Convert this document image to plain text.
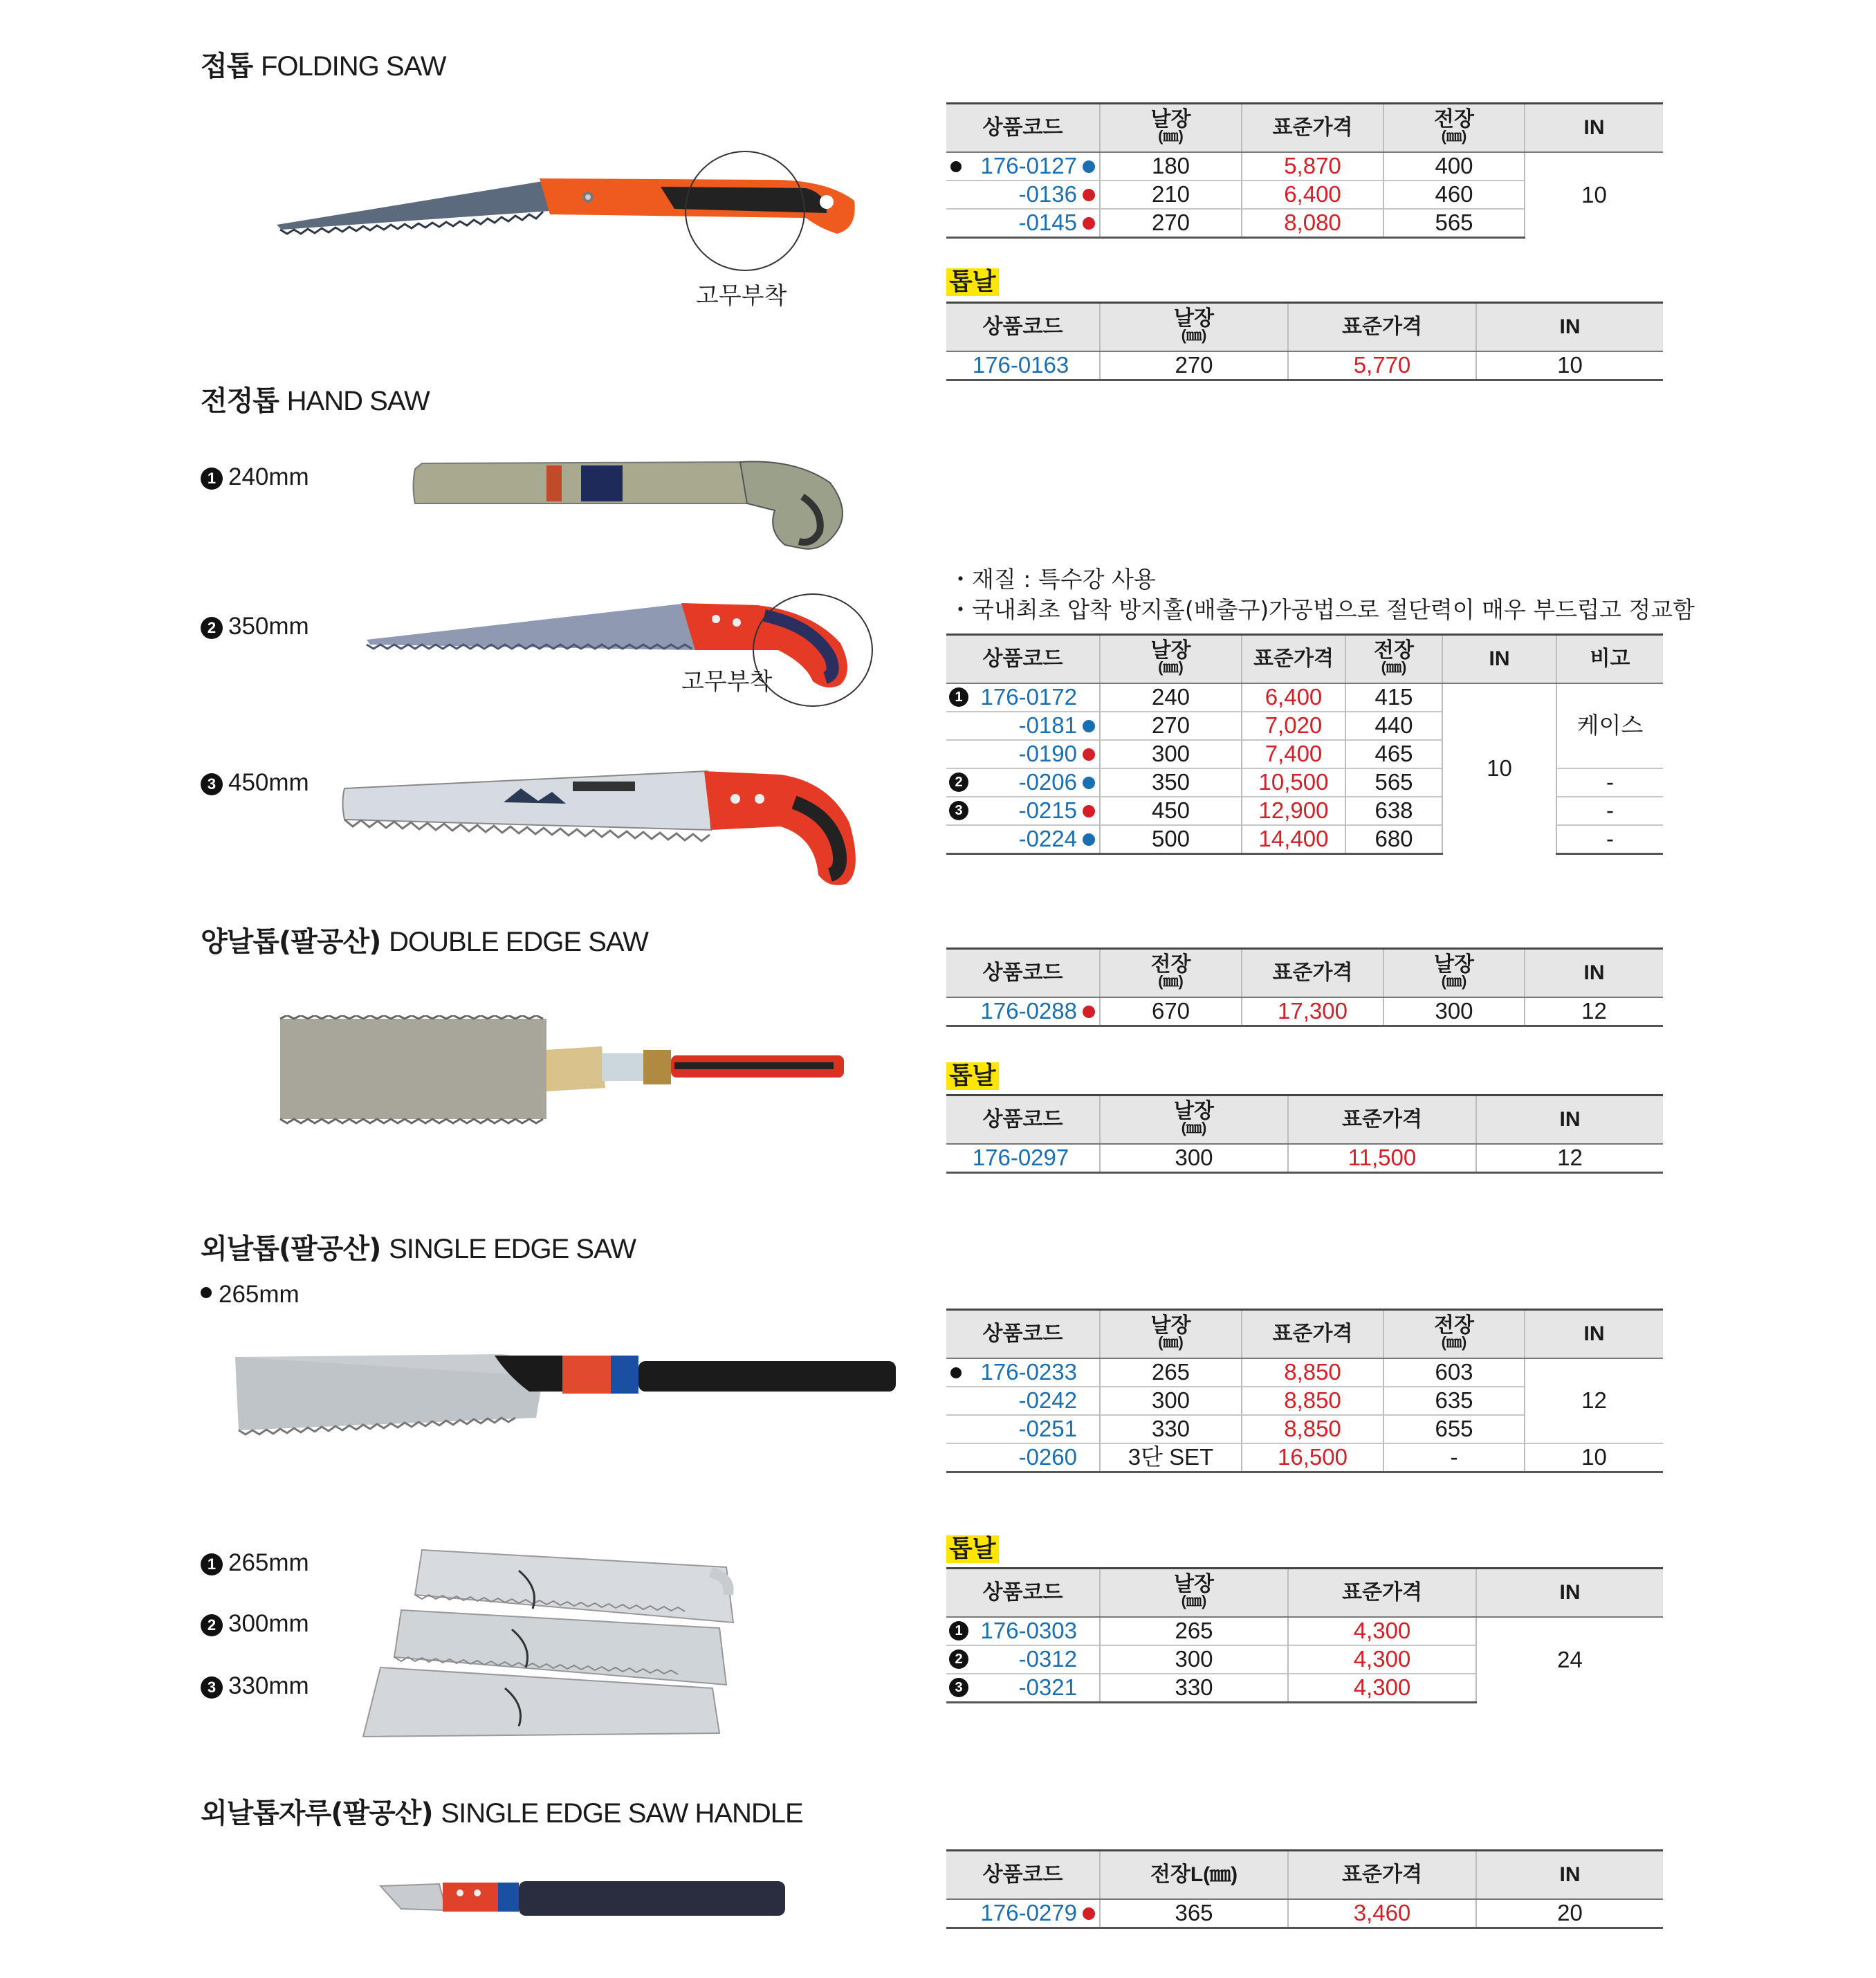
접톱 FOLDING SAW
고무부착
상품코드	날장
(㎜)	표준가격	전장
(㎜)	IN

176-0127	180	5,870	400	10
-0136	210	6,400	460	
-0145	270	8,080	565	
톱날
상품코드	날장
(㎜)	표준가격	IN
176-0163	270	5,770	10
전정톱 HAND SAW
1 240mm
2 350mm
3 450mm
고무부착
・재질 : 특수강 사용
・국내최초 압착 방지홀(배출구)가공법으로 절단력이 매우 부드럽고 정교함
상품코드	날장
(㎜)	표준가격	전장
(㎜)	IN	비고

1 176-0172	240	6,400	415	10	케이스
-0181	270	7,020	440		
-0190	300	7,400	465		

2 -0206	350	10,500	565		-

3 -0215	450	12,900	638		-
-0224	500	14,400	680		-
양날톱(팔공산) DOUBLE EDGE SAW
상품코드	전장
(㎜)	표준가격	날장
(㎜)	IN
176-0288	670	17,300	300	12
톱날
상품코드	날장
(㎜)	표준가격	IN
176-0297	300	11,500	12
외날톱(팔공산) SINGLE EDGE SAW
265mm
상품코드	날장
(㎜)	표준가격	전장
(㎜)	IN

176-0233	265	8,850	603	12
-0242	300	8,850	635	
-0251	330	8,850	655	
-0260	3단 SET	16,500	-	10
1 265mm
2 300mm
3 330mm
톱날
상품코드	날장
(㎜)	표준가격	IN

1 176-0303	265	4,300	24

2 -0312	300	4,300	

3 -0321	330	4,300	
외날톱자루(팔공산) SINGLE EDGE SAW HANDLE
상품코드	전장L(㎜)	표준가격	IN
176-0279	365	3,460	20
